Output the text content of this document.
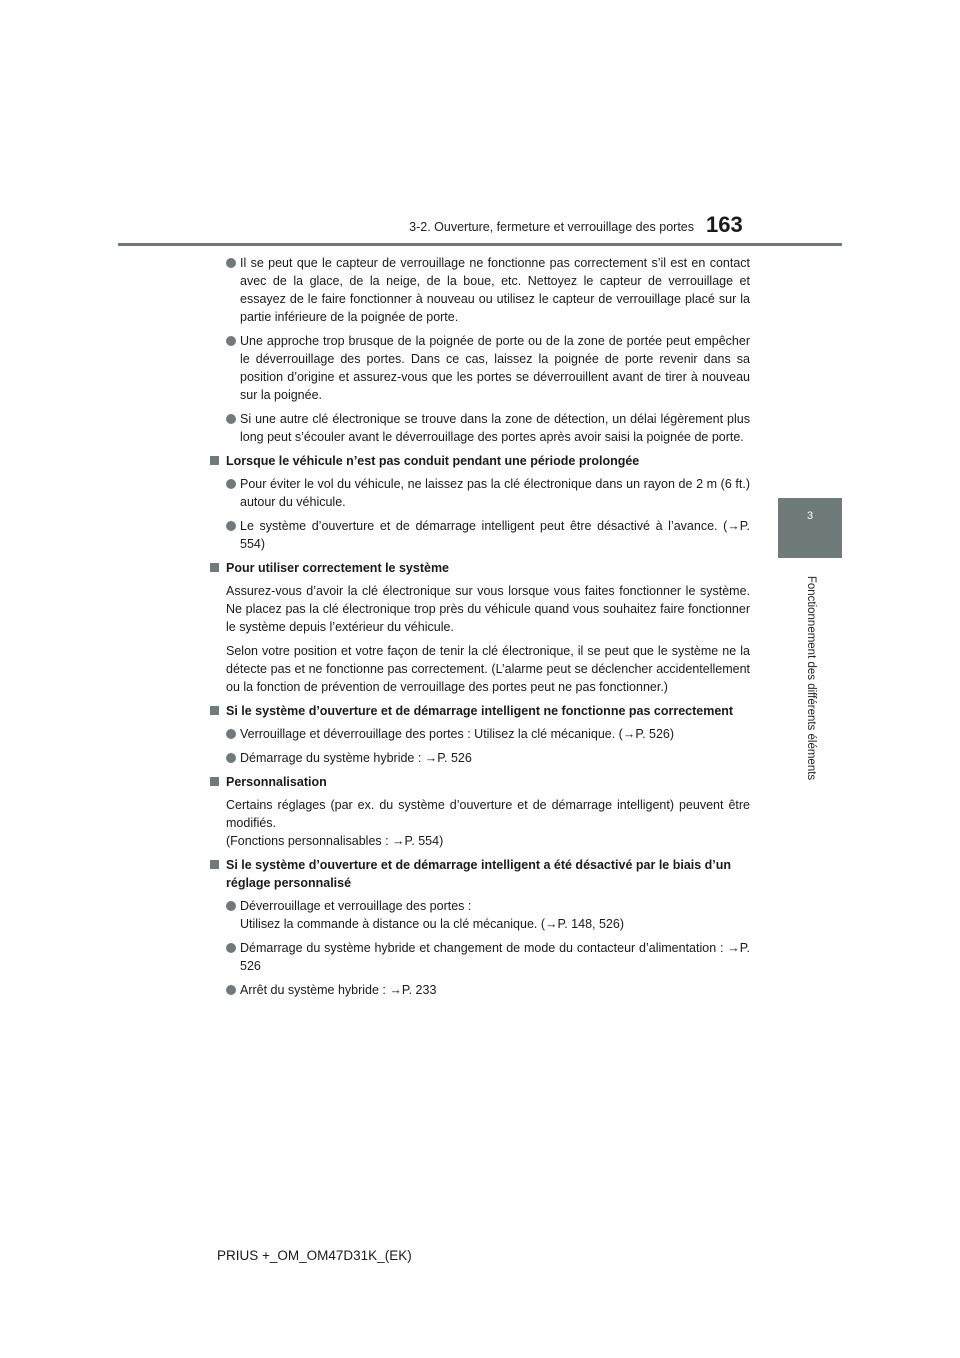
3-2. Ouverture, fermeture et verrouillage des portes 163
3
Fonctionnement des différents éléments
Il se peut que le capteur de verrouillage ne fonctionne pas correctement s’il est en contact avec de la glace, de la neige, de la boue, etc. Nettoyez le capteur de verrouillage et essayez de le faire fonctionner à nouveau ou utilisez le capteur de verrouillage placé sur la partie inférieure de la poignée de porte.
Une approche trop brusque de la poignée de porte ou de la zone de portée peut empêcher le déverrouillage des portes. Dans ce cas, laissez la poignée de porte revenir dans sa position d’origine et assurez-vous que les portes se déverrouillent avant de tirer à nouveau sur la poignée.
Si une autre clé électronique se trouve dans la zone de détection, un délai légèrement plus long peut s’écouler avant le déverrouillage des portes après avoir saisi la poignée de porte.
Lorsque le véhicule n’est pas conduit pendant une période prolongée
Pour éviter le vol du véhicule, ne laissez pas la clé électronique dans un rayon de 2 m (6 ft.) autour du véhicule.
Le système d’ouverture et de démarrage intelligent peut être désactivé à l’avance. (→P. 554)
Pour utiliser correctement le système
Assurez-vous d’avoir la clé électronique sur vous lorsque vous faites fonctionner le système. Ne placez pas la clé électronique trop près du véhicule quand vous souhaitez faire fonctionner le système depuis l’extérieur du véhicule.
Selon votre position et votre façon de tenir la clé électronique, il se peut que le système ne la détecte pas et ne fonctionne pas correctement. (L’alarme peut se déclencher accidentellement ou la fonction de prévention de verrouillage des portes peut ne pas fonctionner.)
Si le système d’ouverture et de démarrage intelligent ne fonctionne pas correctement
Verrouillage et déverrouillage des portes : Utilisez la clé mécanique. (→P. 526)
Démarrage du système hybride : →P. 526
Personnalisation
Certains réglages (par ex. du système d’ouverture et de démarrage intelligent) peuvent être modifiés.
(Fonctions personnalisables : →P. 554)
Si le système d’ouverture et de démarrage intelligent a été désactivé par le biais d’un réglage personnalisé
Déverrouillage et verrouillage des portes :
Utilisez la commande à distance ou la clé mécanique. (→P. 148, 526)
Démarrage du système hybride et changement de mode du contacteur d’alimentation : →P. 526
Arrêt du système hybride : →P. 233
PRIUS +_OM_OM47D31K_(EK)
